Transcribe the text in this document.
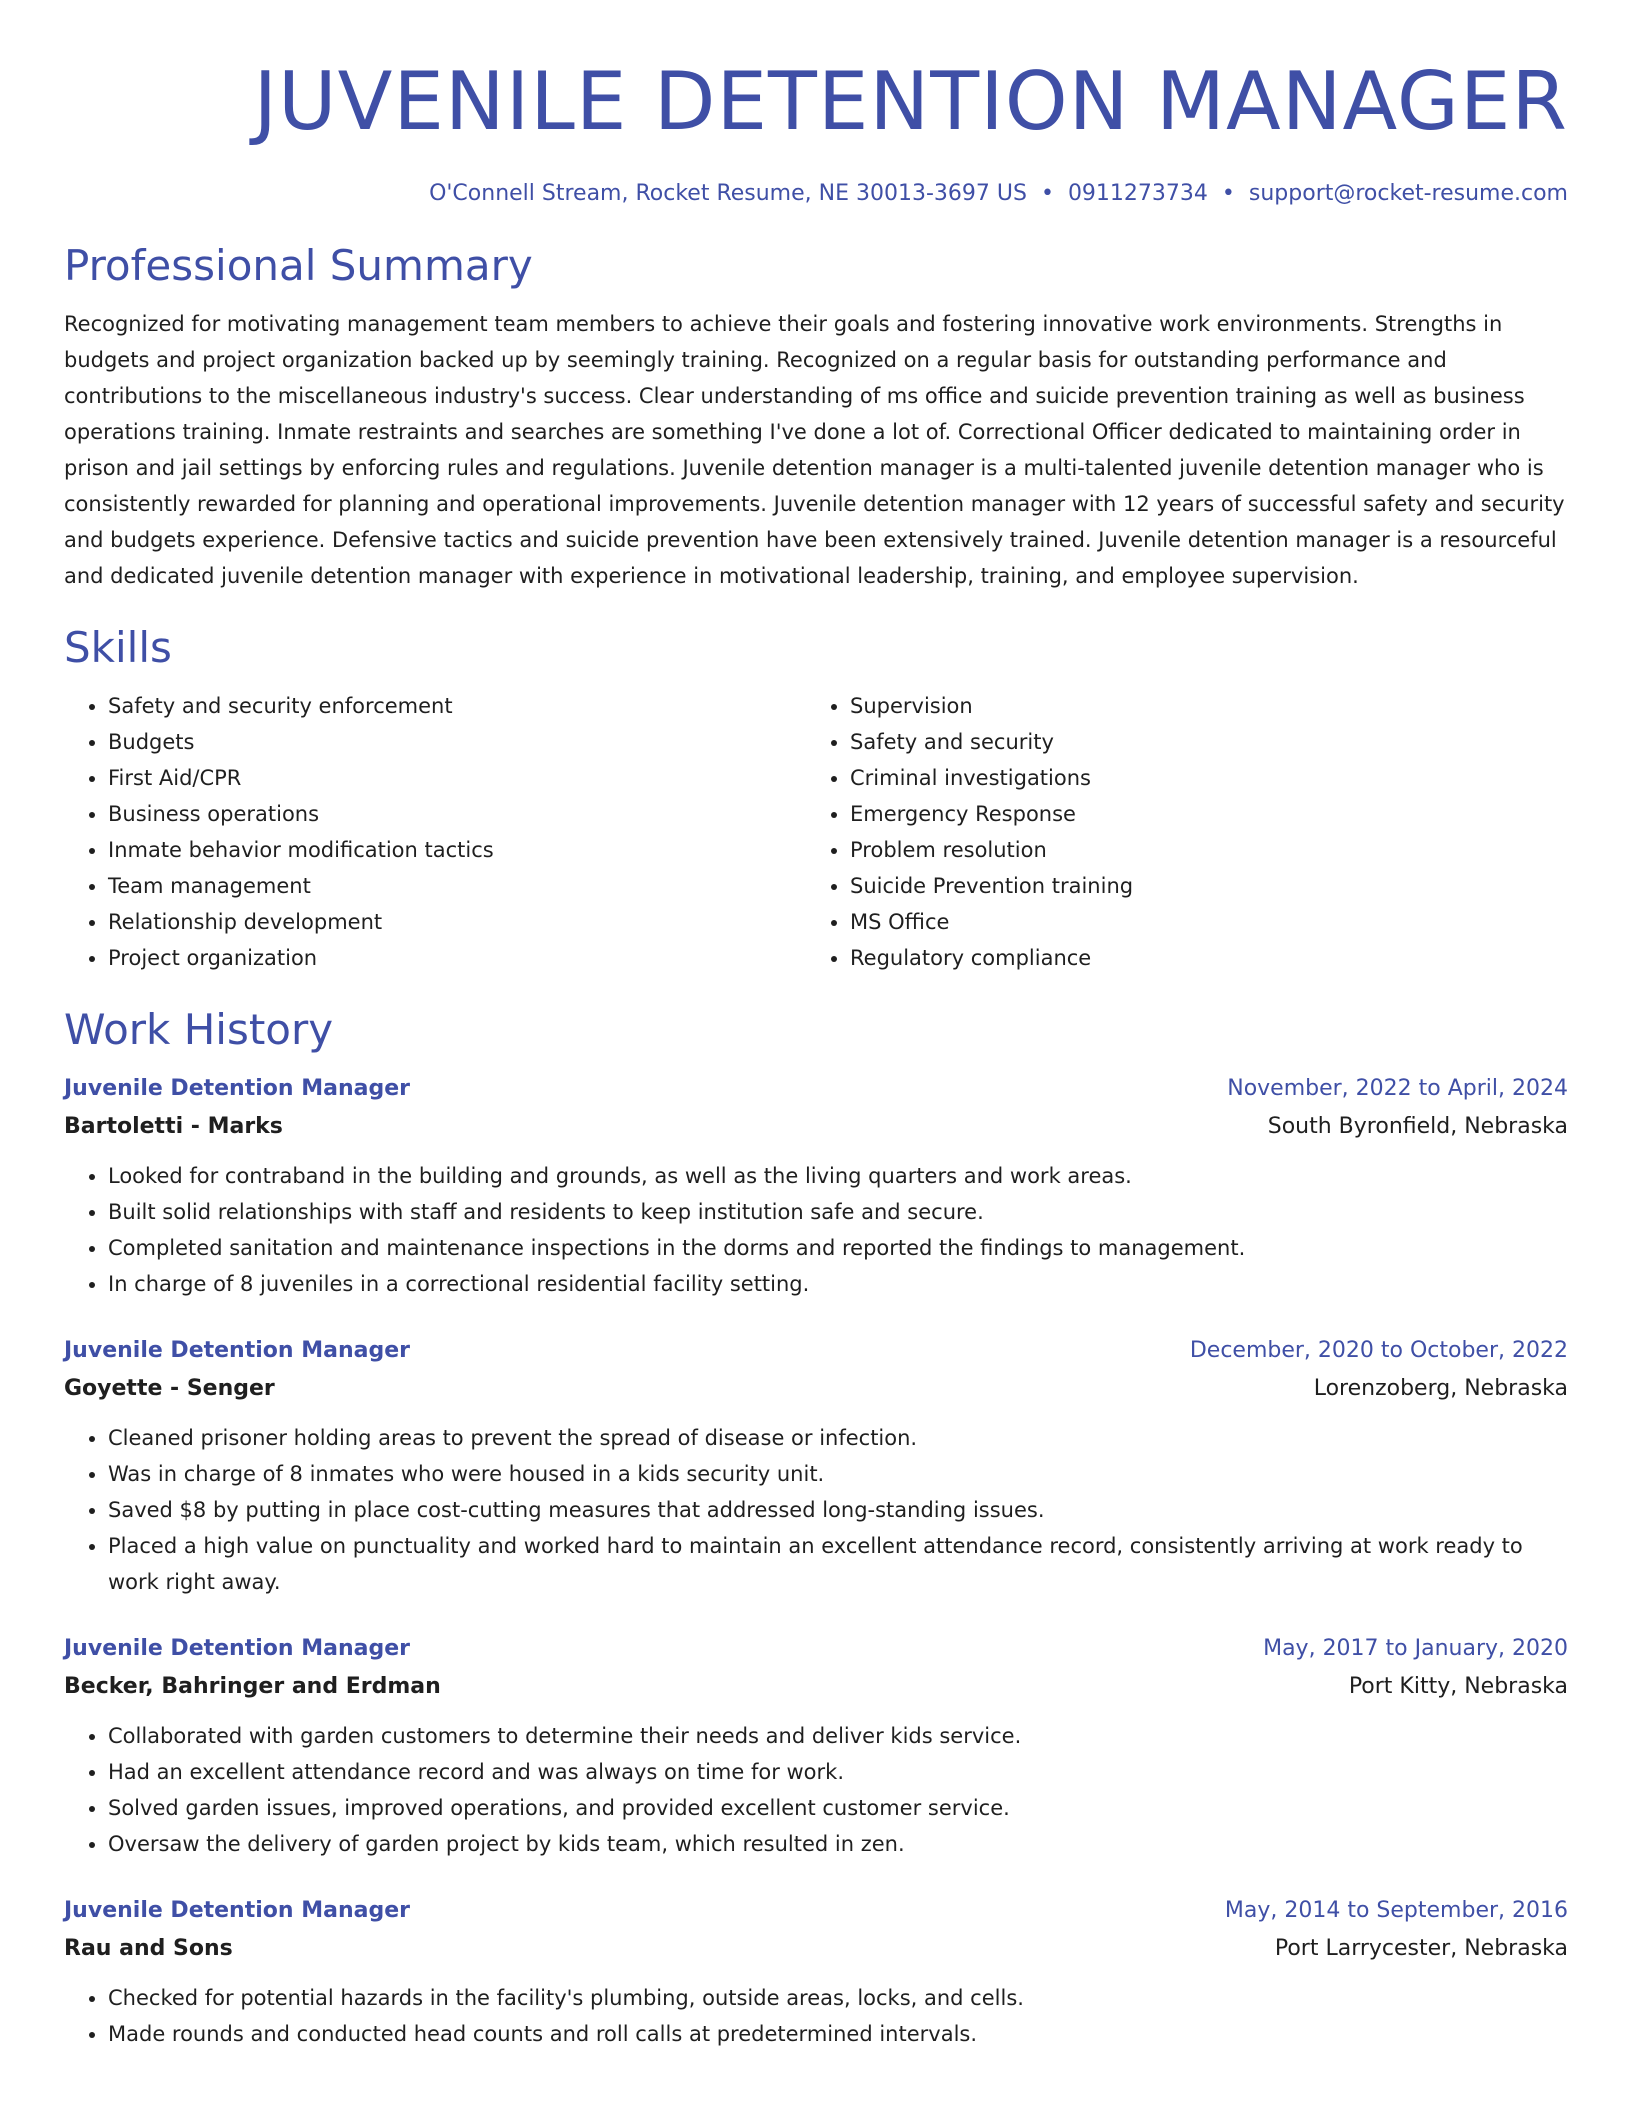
JUVENILE DETENTION MANAGER
O'Connell Stream, Rocket Resume, NE 30013-3697 US • 0911273734 • support@rocket-resume.com
Professional Summary
Recognized for motivating management team members to achieve their goals and fostering innovative work environments. Strengths in budgets and project organization backed up by seemingly training. Recognized on a regular basis for outstanding performance and contributions to the miscellaneous industry's success. Clear understanding of ms office and suicide prevention training as well as business operations training. Inmate restraints and searches are something I've done a lot of. Correctional Officer dedicated to maintaining order in prison and jail settings by enforcing rules and regulations. Juvenile detention manager is a multi-talented juvenile detention manager who is consistently rewarded for planning and operational improvements. Juvenile detention manager with 12 years of successful safety and security and budgets experience. Defensive tactics and suicide prevention have been extensively trained. Juvenile detention manager is a resourceful and dedicated juvenile detention manager with experience in motivational leadership, training, and employee supervision.
Skills
• Safety and security enforcement
• Budgets
• First Aid/CPR
• Business operations
• Inmate behavior modification tactics
• Team management
• Relationship development
• Project organization
• Supervision
• Safety and security
• Criminal investigations
• Emergency Response
• Problem resolution
• Suicide Prevention training
• MS Office
• Regulatory compliance
Work History
Juvenile Detention Manager	November, 2022 to April, 2024
Bartoletti - Marks	South Byronfield, Nebraska
• Looked for contraband in the building and grounds, as well as the living quarters and work areas.
• Built solid relationships with staff and residents to keep institution safe and secure.
• Completed sanitation and maintenance inspections in the dorms and reported the findings to management.
• In charge of 8 juveniles in a correctional residential facility setting.
Juvenile Detention Manager	December, 2020 to October, 2022
Goyette - Senger	Lorenzoberg, Nebraska
• Cleaned prisoner holding areas to prevent the spread of disease or infection.
• Was in charge of 8 inmates who were housed in a kids security unit.
• Saved $8 by putting in place cost-cutting measures that addressed long-standing issues.
• Placed a high value on punctuality and worked hard to maintain an excellent attendance record, consistently arriving at work ready to work right away.
Juvenile Detention Manager	May, 2017 to January, 2020
Becker, Bahringer and Erdman	Port Kitty, Nebraska
• Collaborated with garden customers to determine their needs and deliver kids service.
• Had an excellent attendance record and was always on time for work.
• Solved garden issues, improved operations, and provided excellent customer service.
• Oversaw the delivery of garden project by kids team, which resulted in zen.
Juvenile Detention Manager	May, 2014 to September, 2016
Rau and Sons	Port Larrycester, Nebraska
• Checked for potential hazards in the facility's plumbing, outside areas, locks, and cells.
• Made rounds and conducted head counts and roll calls at predetermined intervals.
